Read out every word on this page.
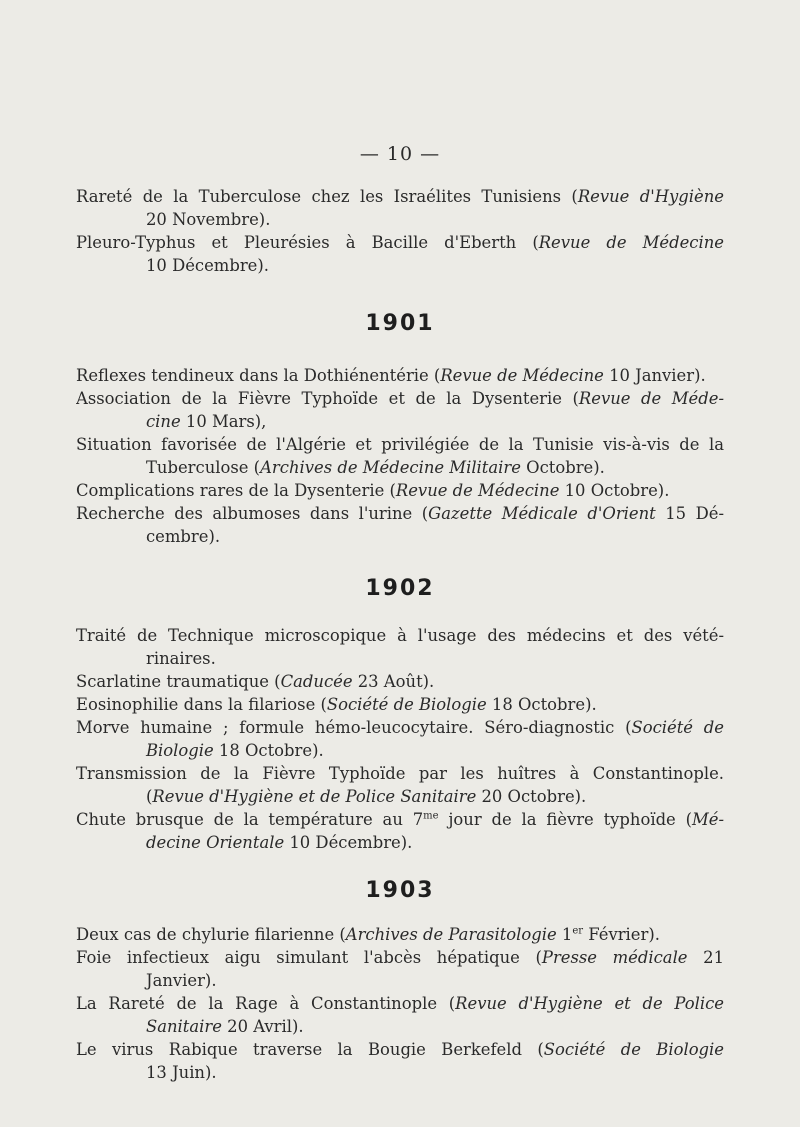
— 10 —
Rareté de la Tuberculose chez les Israélites Tunisiens (Revue d'Hygiène
20 Novembre).
Pleuro-Typhus et Pleurésies à Bacille d'Eberth (Revue de Médecine
10 Décembre).
1901
Reflexes tendineux dans la Dothiénentérie (Revue de Médecine 10 Janvier).
Association de la Fièvre Typhoïde et de la Dysenterie (Revue de Méde-
cine 10 Mars),
Situation favorisée de l'Algérie et privilégiée de la Tunisie vis-à-vis de la
Tuberculose (Archives de Médecine Militaire Octobre).
Complications rares de la Dysenterie (Revue de Médecine 10 Octobre).
Recherche des albumoses dans l'urine (Gazette Médicale d'Orient 15 Dé-
cembre).
1902
Traité de Technique microscopique à l'usage des médecins et des vété-
rinaires.
Scarlatine traumatique (Caducée 23 Août).
Eosinophilie dans la filariose (Société de Biologie 18 Octobre).
Morve humaine ; formule hémo-leucocytaire. Séro-diagnostic (Société de
Biologie 18 Octobre).
Transmission de la Fièvre Typhoïde par les huîtres à Constantinople.
(Revue d'Hygiène et de Police Sanitaire 20 Octobre).
Chute brusque de la température au $7^{me}$ jour de la fièvre typhoïde (Mé-
decine Orientale 10 Décembre).
1903
Deux cas de chylurie filarienne (Archives de Parasitologie 1er Février).
Foie infectieux aigu simulant l'abcès hépatique (Presse médicale 21
Janvier).
La Rareté de la Rage à Constantinople (Revue d'Hygiène et de Police
Sanitaire 20 Avril).
Le virus Rabique traverse la Bougie Berkefeld (Société de Biologie
13 Juin).
